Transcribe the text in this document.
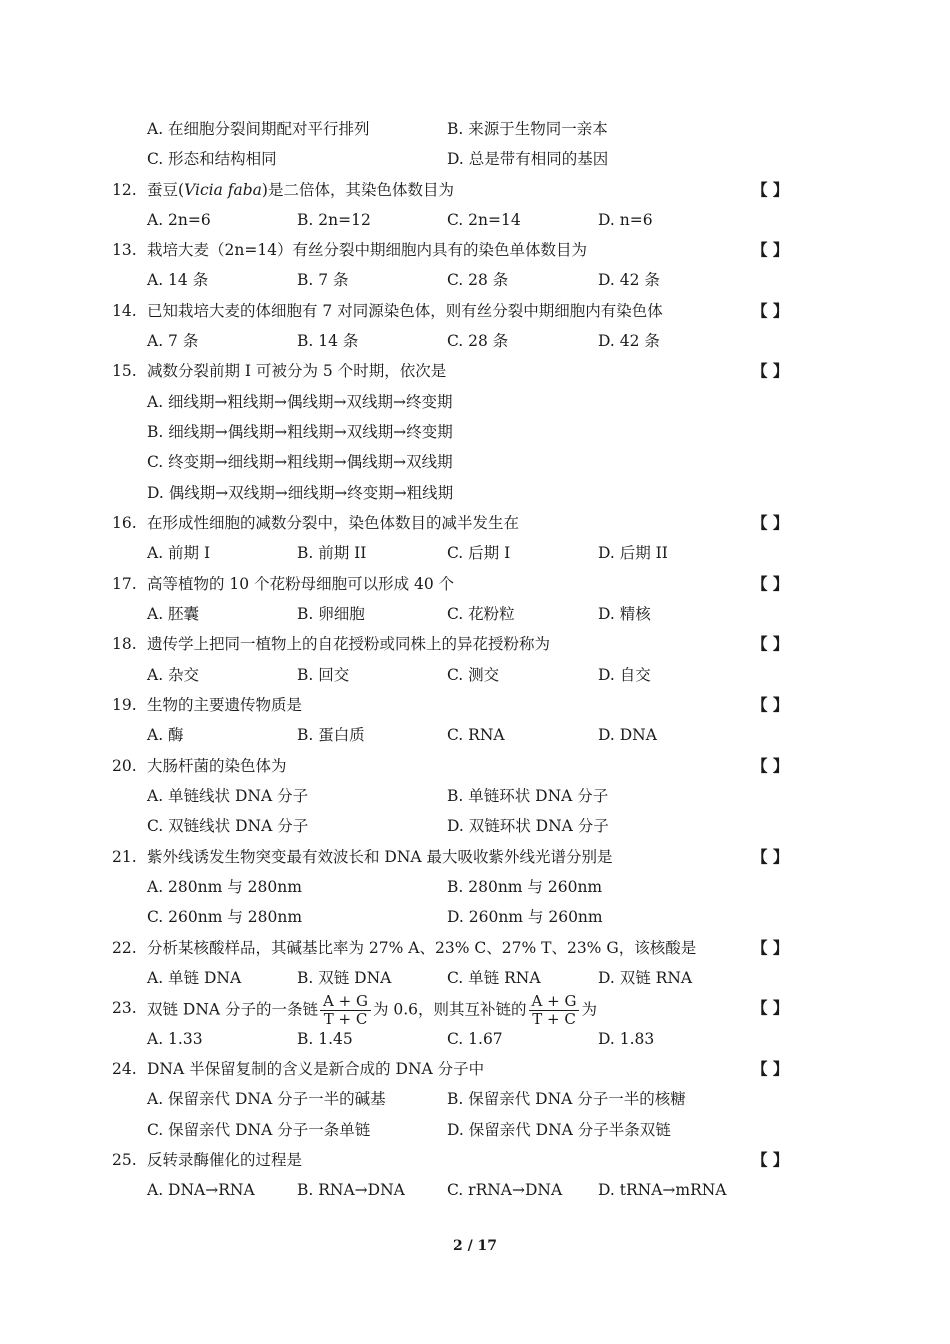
A. 在细胞分裂间期配对平行排列	B. 来源于生物同一亲本
C. 形态和结构相同	D. 总是带有相同的基因
12. 蚕豆(Vicia faba)是二倍体，其染色体数目为	【 】
A. 2n=6	B. 2n=12	C. 2n=14	D. n=6
13. 栽培大麦（2n=14）有丝分裂中期细胞内具有的染色单体数目为	【 】
A. 14 条	B. 7 条	C. 28 条	D. 42 条
14. 已知栽培大麦的体细胞有 7 对同源染色体，则有丝分裂中期细胞内有染色体	【 】
A. 7 条	B. 14 条	C. 28 条	D. 42 条
15. 减数分裂前期 I 可被分为 5 个时期，依次是	【 】
A. 细线期→粗线期→偶线期→双线期→终变期
B. 细线期→偶线期→粗线期→双线期→终变期
C. 终变期→细线期→粗线期→偶线期→双线期
D. 偶线期→双线期→细线期→终变期→粗线期
16. 在形成性细胞的减数分裂中，染色体数目的减半发生在	【 】
A. 前期 I	B. 前期 II	C. 后期 I	D. 后期 II
17. 高等植物的 10 个花粉母细胞可以形成 40 个	【 】
A. 胚囊	B. 卵细胞	C. 花粉粒	D. 精核
18. 遗传学上把同一植物上的自花授粉或同株上的异花授粉称为	【 】
A. 杂交	B. 回交	C. 测交	D. 自交
19. 生物的主要遗传物质是	【 】
A. 酶	B. 蛋白质	C. RNA	D. DNA
20. 大肠杆菌的染色体为	【 】
A. 单链线状 DNA 分子	B. 单链环状 DNA 分子
C. 双链线状 DNA 分子	D. 双链环状 DNA 分子
21. 紫外线诱发生物突变最有效波长和 DNA 最大吸收紫外线光谱分别是	【 】
A. 280nm 与 280nm	B. 280nm 与 260nm
C. 260nm 与 280nm	D. 260nm 与 260nm
22. 分析某核酸样品，其碱基比率为 27% A、23% C、27% T、23% G，该核酸是	【 】
A. 单链 DNA	B. 双链 DNA	C. 单链 RNA	D. 双链 RNA
23. 双链 DNA 分子的一条链 $\frac{A + G}{T + C}$ 为 0.6，则其互补链的 $\frac{A + G}{T + C}$ 为	【 】
A. 1.33	B. 1.45	C. 1.67	D. 1.83
24. DNA 半保留复制的含义是新合成的 DNA 分子中	【 】
A. 保留亲代 DNA 分子一半的碱基	B. 保留亲代 DNA 分子一半的核糖
C. 保留亲代 DNA 分子一条单链	D. 保留亲代 DNA 分子半条双链
25. 反转录酶催化的过程是	【 】
A. DNA→RNA	B. RNA→DNA	C. rRNA→DNA D. tRNA→mRNA
2 / 17
